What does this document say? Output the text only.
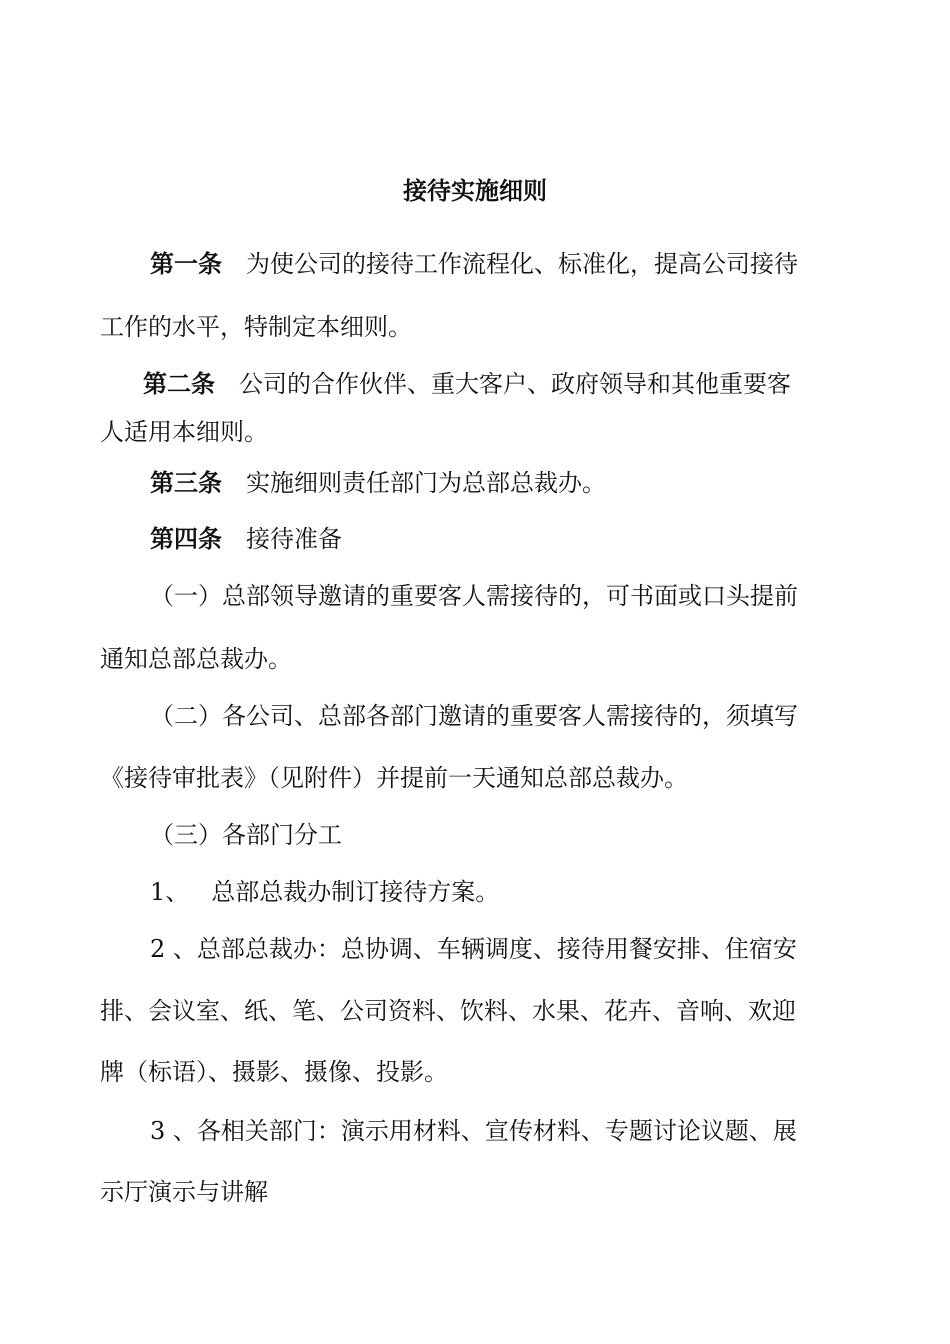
接待实施细则
第一条 为使公司的接待工作流程化、标准化，提高公司接待
工作的水平，特制定本细则。
第二条 公司的合作伙伴、重大客户、政府领导和其他重要客
人适用本细则。
第三条 实施细则责任部门为总部总裁办。
第四条 接待准备
（一）总部领导邀请的重要客人需接待的，可书面或口头提前
通知总部总裁办。
（二）各公司、总部各部门邀请的重要客人需接待的，须填写
《接待审批表》（见附件）并提前一天通知总部总裁办。
（三）各部门分工
1、 总部总裁办制订接待方案。
2 、总部总裁办：总协调、车辆调度、接待用餐安排、住宿安
排、会议室、纸、笔、公司资料、饮料、水果、花卉、音响、欢迎
牌（标语）、摄影、摄像、投影。
3 、各相关部门：演示用材料、宣传材料、专题讨论议题、展
示厅演示与讲解
